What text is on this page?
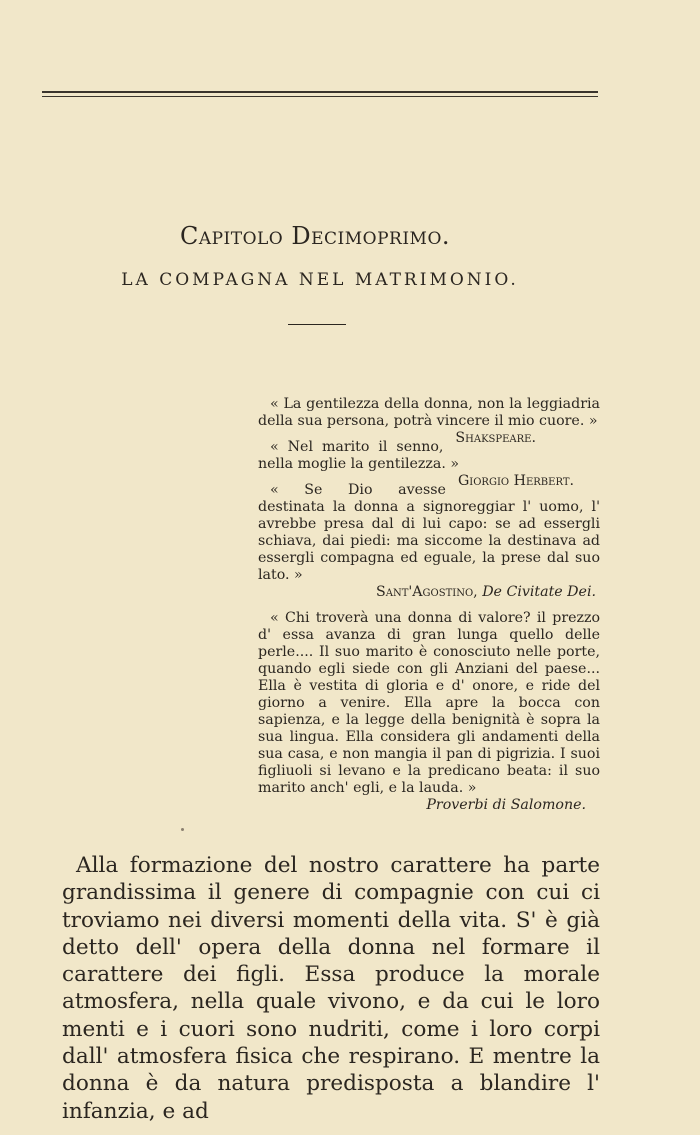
Capitolo Decimoprimo.
LA COMPAGNA NEL MATRIMONIO.

« La gentilezza della donna, non la leggiadria della sua persona, potrà vincere il mio cuore. »
Shakspeare.

« Nel marito il senno, nella moglie la gentilezza. »
Giorgio Herbert.

« Se Dio avesse destinata la donna a signoreggiar l' uomo, l' avrebbe presa dal di lui capo: se ad essergli schiava, dai piedi: ma siccome la destinava ad essergli compagna ed eguale, la prese dal suo lato. »

Sant'Agostino, De Civitate Dei.

« Chi troverà una donna di valore? il prezzo d' essa avanza di gran lunga quello delle perle.... Il suo marito è conosciuto nelle porte, quando egli siede con gli Anziani del paese... Ella è vestita di gloria e d' onore, e ride del giorno a venire. Ella apre la bocca con sapienza, e la legge della benignità è sopra la sua lingua. Ella considera gli andamenti della sua casa, e non mangia il pan di pigrizia. I suoi figliuoli si levano e la predicano beata: il suo marito anch' egli, e la lauda. »
Proverbi di Salomone.

Alla formazione del nostro carattere ha parte grandissima il genere di compagnie con cui ci troviamo nei diversi momenti della vita. S' è già detto dell' opera della donna nel formare il carattere dei figli. Essa produce la morale atmosfera, nella quale vivono, e da cui le loro menti e i cuori sono nudriti, come i loro corpi dall' atmosfera fisica che respirano. E mentre la donna è da natura predisposta a blandire l' infanzia, e ad
